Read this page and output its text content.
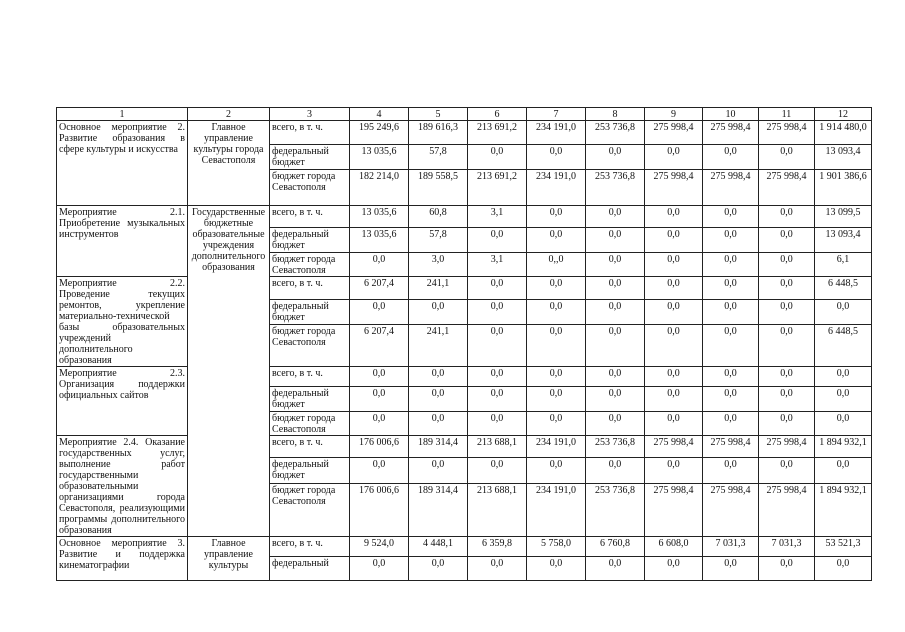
1	2	3	4	5	6	7	8	9	10	11	12
Основное мероприятие 2. Развитие образования в сфере культуры и искусства	Главное управление культуры города Севастополя	всего, в т. ч.	195 249,6	189 616,3	213 691,2	234 191,0	253 736,8	275 998,4	275 998,4	275 998,4	1 914 480,0
		федеральный бюджет	13 035,6	57,8	0,0	0,0	0,0	0,0	0,0	0,0	13 093,4
		бюджет города Севастополя	182 214,0	189 558,5	213 691,2	234 191,0	253 736,8	275 998,4	275 998,4	275 998,4	1 901 386,6
Мероприятие 2.1. Приобретение музыкальных инструментов	Государственные бюджетные образовательные учреждения дополнительного образования	всего, в т. ч.	13 035,6	60,8	3,1	0,0	0,0	0,0	0,0	0,0	13 099,5
		федеральный бюджет	13 035,6	57,8	0,0	0,0	0,0	0,0	0,0	0,0	13 093,4
		бюджет города Севастополя	0,0	3,0	3,1	0,,0	0,0	0,0	0,0	0,0	6,1
Мероприятие 2.2. Проведение текущих ремонтов, укрепление материально-технической базы образовательных учреждений дополнительного образования		всего, в т. ч.	6 207,4	241,1	0,0	0,0	0,0	0,0	0,0	0,0	6 448,5
		федеральный бюджет	0,0	0,0	0,0	0,0	0,0	0,0	0,0	0,0	0,0
		бюджет города Севастополя	6 207,4	241,1	0,0	0,0	0,0	0,0	0,0	0,0	6 448,5
Мероприятие 2.3. Организация поддержки официальных сайтов		всего, в т. ч.	0,0	0,0	0,0	0,0	0,0	0,0	0,0	0,0	0,0
		федеральный бюджет	0,0	0,0	0,0	0,0	0,0	0,0	0,0	0,0	0,0
		бюджет города Севастополя	0,0	0,0	0,0	0,0	0,0	0,0	0,0	0,0	0,0
Мероприятие 2.4. Оказание государственных услуг, выполнение работ государственными образовательными организациями города Севастополя, реализующими программы дополнительного образования		всего, в т. ч.	176 006,6	189 314,4	213 688,1	234 191,0	253 736,8	275 998,4	275 998,4	275 998,4	1 894 932,1
		федеральный бюджет	0,0	0,0	0,0	0,0	0,0	0,0	0,0	0,0	0,0
		бюджет города Севастополя	176 006,6	189 314,4	213 688,1	234 191,0	253 736,8	275 998,4	275 998,4	275 998,4	1 894 932,1
Основное мероприятие 3. Развитие и поддержка кинематографии	Главное управление культуры	всего, в т. ч.	9 524,0	4 448,1	6 359,8	5 758,0	6 760,8	6 608,0	7 031,3	7 031,3	53 521,3
		федеральный	0,0	0,0	0,0	0,0	0,0	0,0	0,0	0,0	0,0
